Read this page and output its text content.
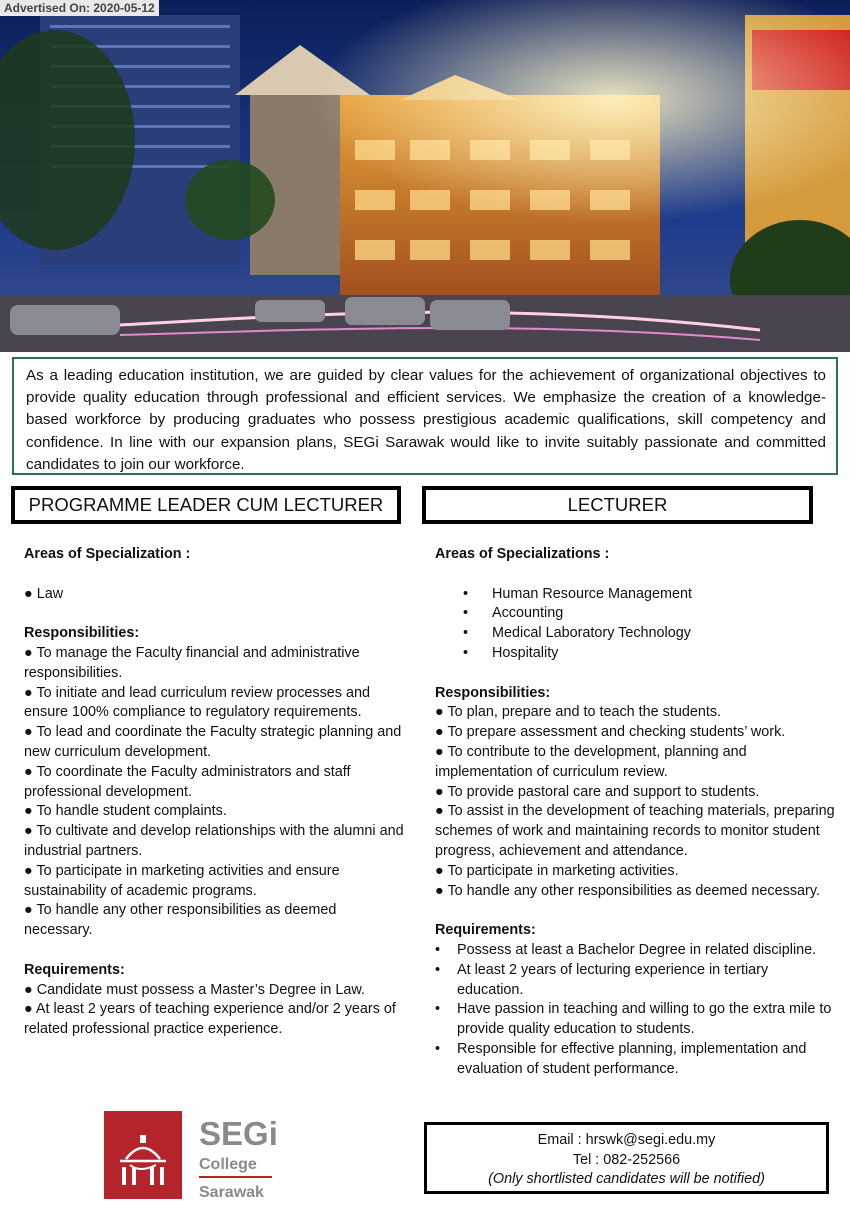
Advertised On: 2020-05-12
As a leading education institution, we are guided by clear values for the achievement of organizational objectives to provide quality education through professional and efficient services. We emphasize the creation of a knowledge-based workforce by producing graduates who possess prestigious academic qualifications, skill competency and confidence. In line with our expansion plans, SEGi Sarawak would like to invite suitably passionate and committed candidates to join our workforce.
PROGRAMME LEADER CUM LECTURER	LECTURER
Areas of Specialization :
● Law
Responsibilities:
● To manage the Faculty financial and administrative responsibilities.
● To initiate and lead curriculum review processes and ensure 100% compliance to regulatory requirements.
● To lead and coordinate the Faculty strategic planning and new curriculum development.
● To coordinate the Faculty administrators and staff professional development.
● To handle student complaints.
● To cultivate and develop relationships with the alumni and industrial partners.
● To participate in marketing activities and ensure sustainability of academic programs.
● To handle any other responsibilities as deemed necessary.
Requirements:
● Candidate must possess a Master’s Degree in Law.
● At least 2 years of teaching experience and/or 2 years of related professional practice experience.
Areas of Specializations :
•	Human Resource Management
•	Accounting
•	Medical Laboratory Technology
•	Hospitality
Responsibilities:
● To plan, prepare and to teach the students.
● To prepare assessment and checking students’ work.
● To contribute to the development, planning and implementation of curriculum review.
● To provide pastoral care and support to students.
● To assist in the development of teaching materials, preparing schemes of work and maintaining records to monitor student progress, achievement and attendance.
● To participate in marketing activities.
● To handle any other responsibilities as deemed necessary.
Requirements:
•	Possess at least a Bachelor Degree in related discipline.
•	At least 2 years of lecturing experience in tertiary education.
•	Have passion in teaching and willing to go the extra mile to provide quality education to students.
•	Responsible for effective planning, implementation and evaluation of student performance.
SEGi
College
Sarawak
Email : hrswk@segi.edu.my
Tel : 082-252566
(Only shortlisted candidates will be notified)
